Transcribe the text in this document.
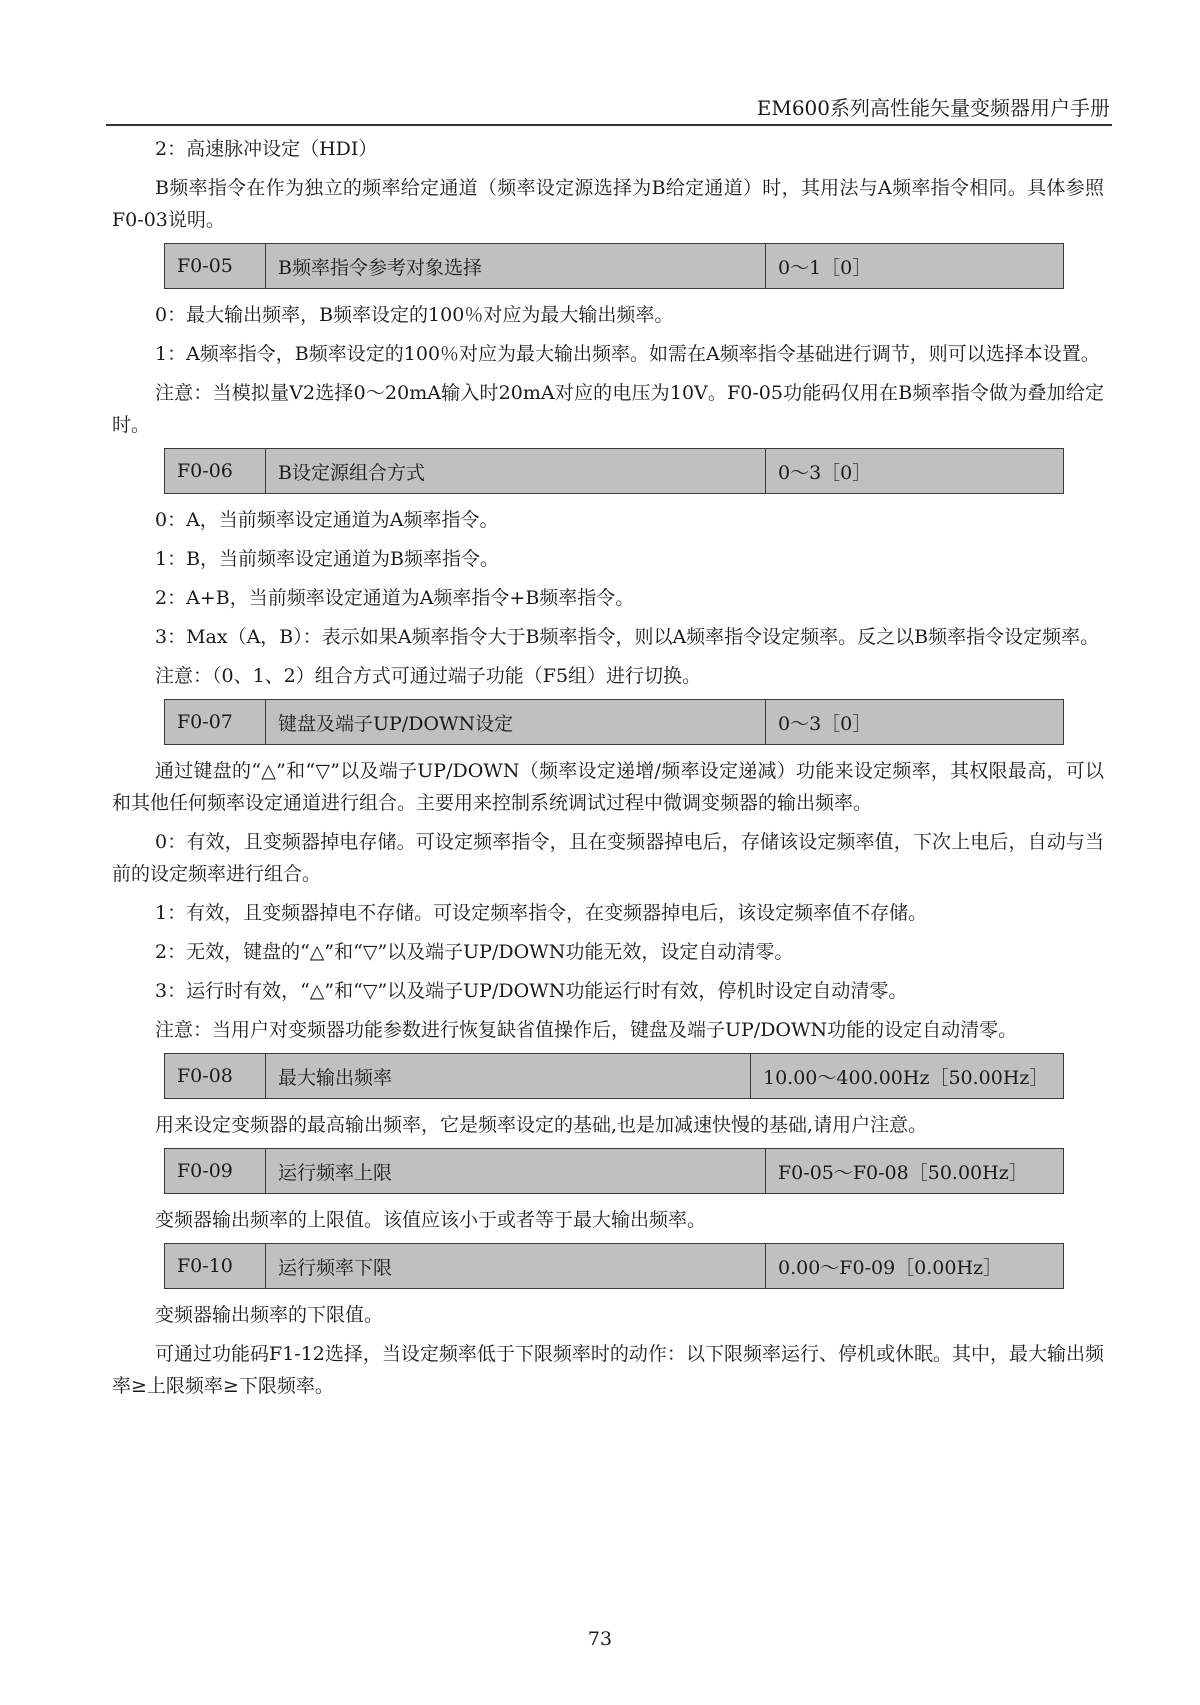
EM600系列高性能矢量变频器用户手册

2：高速脉冲设定（HDI）

B频率指令在作为独立的频率给定通道（频率设定源选择为B给定通道）时，其用法与A频率指令相同。具体参照F0-03说明。

F0-05	B频率指令参考对象选择	0～1［0］

0：最大输出频率，B频率设定的100％对应为最大输出频率。

1：A频率指令，B频率设定的100％对应为最大输出频率。如需在A频率指令基础进行调节，则可以选择本设置。

注意：当模拟量V2选择0～20mA输入时20mA对应的电压为10V。F0-05功能码仅用在B频率指令做为叠加给定时。

F0-06	B设定源组合方式	0～3［0］

0：A，当前频率设定通道为A频率指令。

1：B，当前频率设定通道为B频率指令。

2：A+B，当前频率设定通道为A频率指令+B频率指令。

3：Max（A，B）：表示如果A频率指令大于B频率指令，则以A频率指令设定频率。反之以B频率指令设定频率。

注意：（0、1、2）组合方式可通过端子功能（F5组）进行切换。

F0-07	键盘及端子UP/DOWN设定	0～3［0］

通过键盘的“△”和“▽”以及端子UP/DOWN（频率设定递增/频率设定递减）功能来设定频率，其权限最高，可以和其他任何频率设定通道进行组合。主要用来控制系统调试过程中微调变频器的输出频率。

0：有效，且变频器掉电存储。可设定频率指令，且在变频器掉电后，存储该设定频率值，下次上电后，自动与当前的设定频率进行组合。

1：有效，且变频器掉电不存储。可设定频率指令，在变频器掉电后，该设定频率值不存储。

2：无效，键盘的“△”和“▽”以及端子UP/DOWN功能无效，设定自动清零。

3：运行时有效，“△”和“▽”以及端子UP/DOWN功能运行时有效，停机时设定自动清零。

注意：当用户对变频器功能参数进行恢复缺省值操作后，键盘及端子UP/DOWN功能的设定自动清零。

F0-08	最大输出频率	10.00～400.00Hz［50.00Hz］

用来设定变频器的最高输出频率，它是频率设定的基础,也是加减速快慢的基础,请用户注意。

F0-09	运行频率上限	F0-05～F0-08［50.00Hz］

变频器输出频率的上限值。该值应该小于或者等于最大输出频率。

F0-10	运行频率下限	0.00～F0-09［0.00Hz］

变频器输出频率的下限值。

可通过功能码F1-12选择，当设定频率低于下限频率时的动作：以下限频率运行、停机或休眠。其中，最大输出频率≥上限频率≥下限频率。

73
